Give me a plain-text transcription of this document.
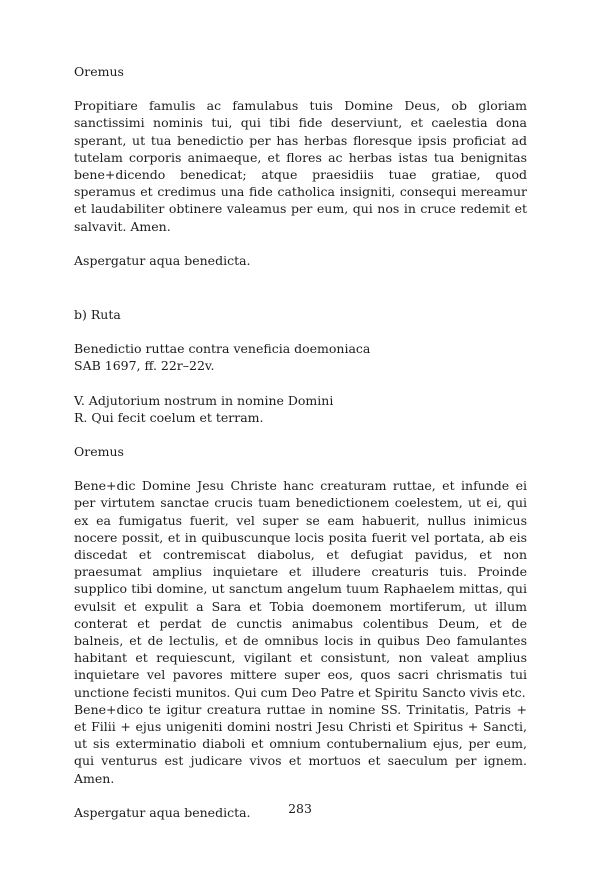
Oremus

Propitiare famulis ac famulabus tuis Domine Deus, ob gloriam sanctissimi nominis tui, qui tibi fide deserviunt, et caelestia dona sperant, ut tua benedictio per has herbas floresque ipsis proficiat ad tutelam corporis animaeque, et flores ac herbas istas tua benignitas bene+dicendo benedicat; atque praesidiis tuae gratiae, quod speramus et credimus una fide catholica insigniti, consequi mereamur et laudabiliter obtinere valeamus per eum, qui nos in cruce redemit et salvavit. Amen.

Aspergatur aqua benedicta.

b) Ruta

Benedictio ruttae contra veneficia doemoniaca

SAB 1697, ff. 22r–22v.

V. Adjutorium nostrum in nomine Domini

R. Qui fecit coelum et terram.

Oremus

Bene+dic Domine Jesu Christe hanc creaturam ruttae, et infunde ei per virtutem sanctae crucis tuam benedictionem coelestem, ut ei, qui ex ea fumigatus fuerit, vel super se eam habuerit, nullus inimicus nocere possit, et in quibuscunque locis posita fuerit vel portata, ab eis discedat et contremiscat diabolus, et defugiat pavidus, et non praesumat amplius inquietare et illudere creaturis tuis. Proinde supplico tibi domine, ut sanctum angelum tuum Raphaelem mittas, qui evulsit et expulit a Sara et Tobia doemonem mortiferum, ut illum conterat et perdat de cunctis animabus colentibus Deum, et de balneis, et de lectulis, et de omnibus locis in quibus Deo famulantes habitant et requiescunt, vigilant et consistunt, non valeat amplius inquietare vel pavores mittere super eos, quos sacri chrismatis tui unctione fecisti munitos. Qui cum Deo Patre et Spiritu Sancto vivis etc.

Bene+dico te igitur creatura ruttae in nomine SS. Trinitatis, Patris + et Filii + ejus unigeniti domini nostri Jesu Christi et Spiritus + Sancti, ut sis exterminatio diaboli et omnium contubernalium ejus, per eum, qui venturus est judicare vivos et mortuos et saeculum per ignem. Amen.

Aspergatur aqua benedicta.	283
